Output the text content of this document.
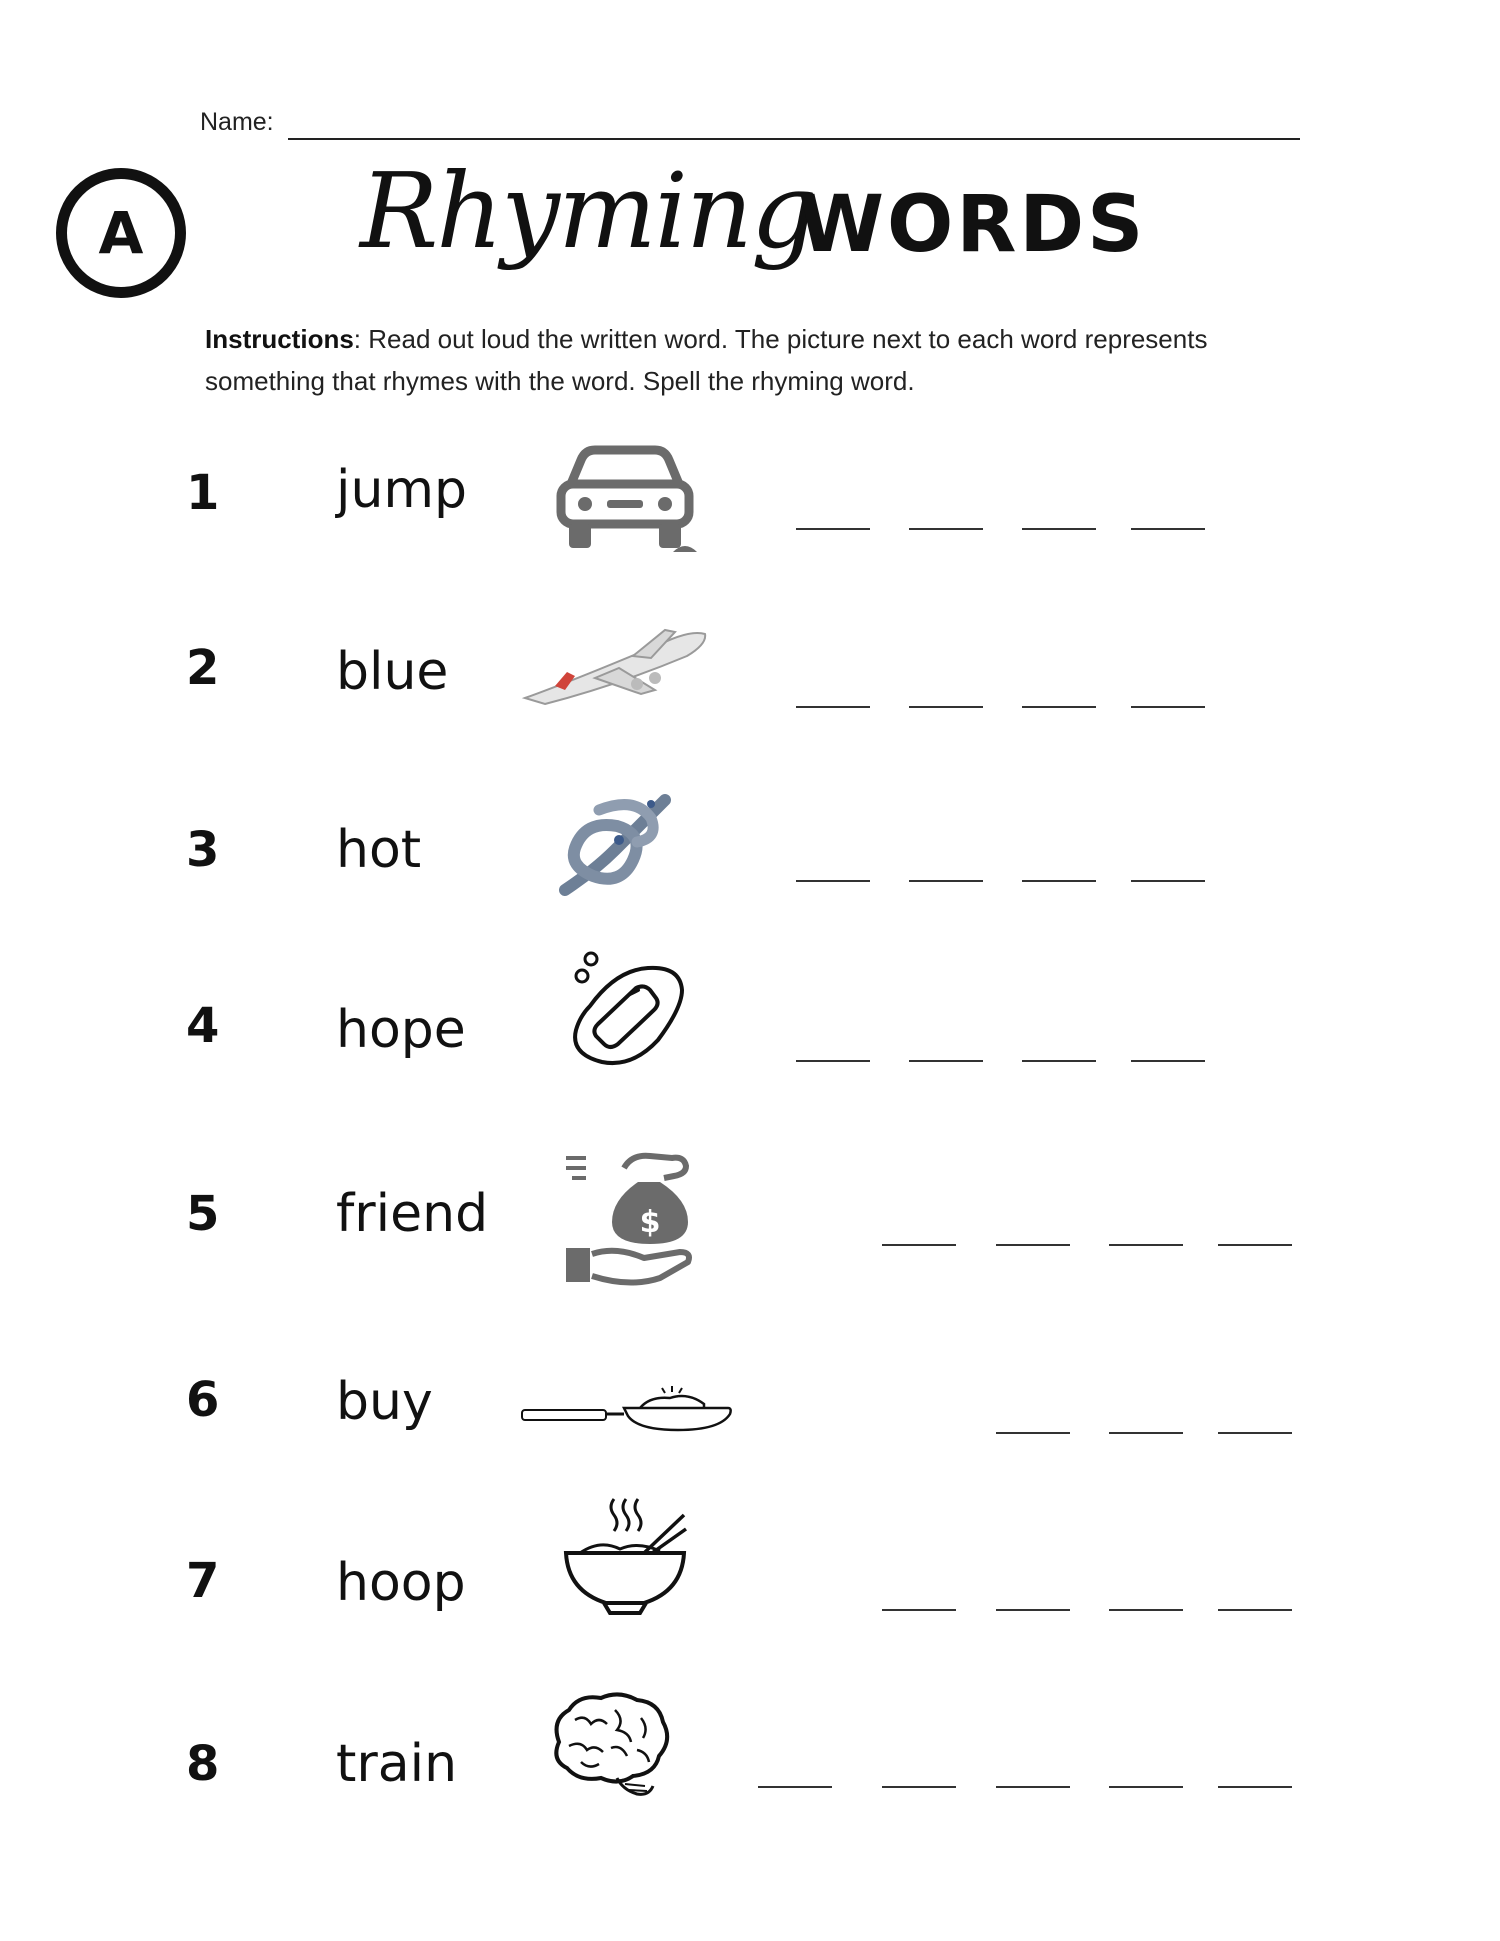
Name:
A Rhyming
WORDS
Instructions: Read out loud the written word. The picture next to each word represents something that rhymes with the word. Spell the rhyming word.
1 jump
2 blue
3 hot
4 hope
5 friend	$
6 buy
7 hoop
8 train
